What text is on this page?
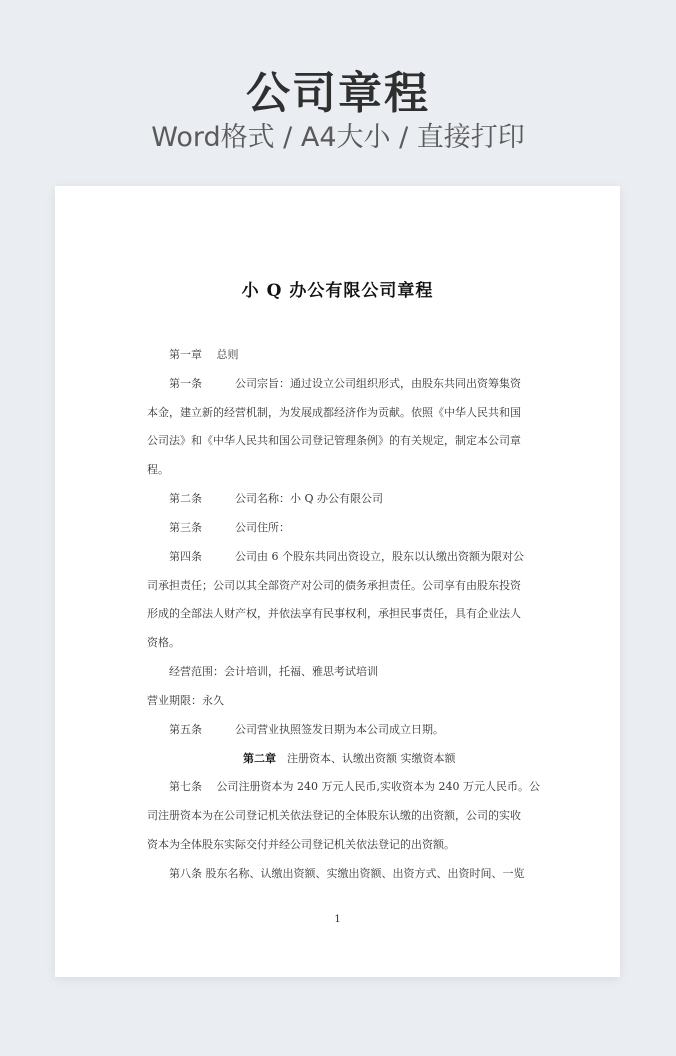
公司章程
Word格式 / A4大小 / 直接打印
小 Q 办公有限公司章程
　　第一章　 总则
　　第一条　　　公司宗旨：通过设立公司组织形式，由股东共同出资筹集资
本金，建立新的经营机制，为发展成都经济作为贡献。依照《中华人民共和国
公司法》和《中华人民共和国公司登记管理条例》的有关规定，制定本公司章
程。
　　第二条　　　公司名称：小 Q 办公有限公司
　　第三条　　　公司住所：
　　第四条　　　公司由 6 个股东共同出资设立，股东以认缴出资额为限对公
司承担责任；公司以其全部资产对公司的债务承担责任。公司享有由股东投资
形成的全部法人财产权，并依法享有民事权利，承担民事责任，具有企业法人
资格。
　　经营范围：会计培训，托福、雅思考试培训
营业期限：永久
　　第五条　　　公司营业执照签发日期为本公司成立日期。
第二章　注册资本、认缴出资额 实缴资本额
　　第七条　 公司注册资本为 240 万元人民币,实收资本为 240 万元人民币。公
司注册资本为在公司登记机关依法登记的全体股东认缴的出资额，公司的实收
资本为全体股东实际交付并经公司登记机关依法登记的出资额。
　　第八条 股东名称、认缴出资额、实缴出资额、出资方式、出资时间、一览
1
